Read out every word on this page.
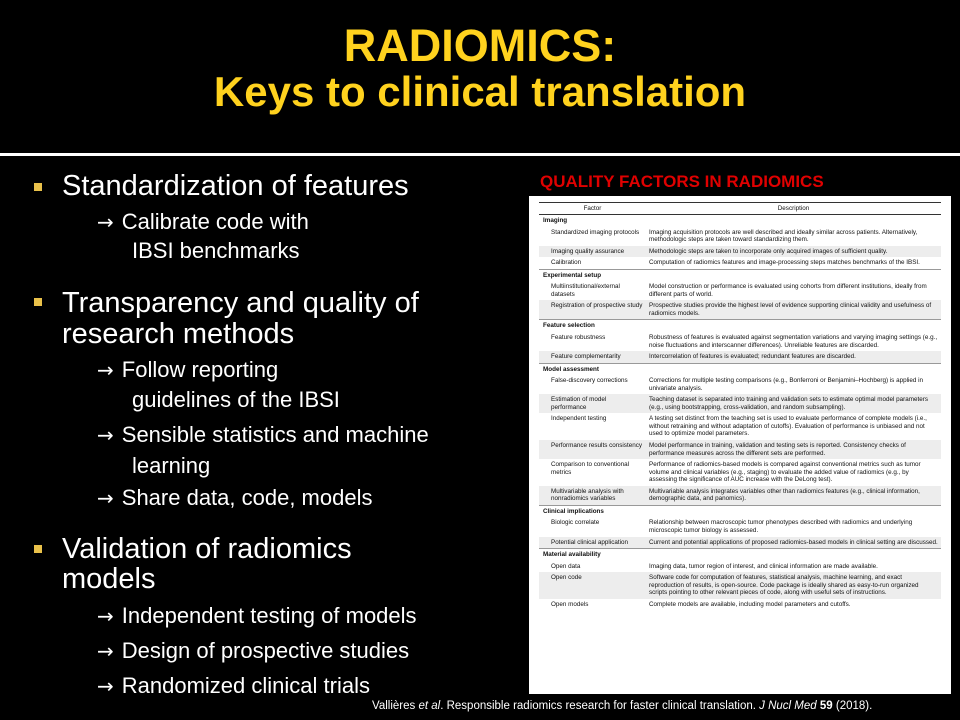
RADIOMICS:
Keys to clinical translation
Standardization of features
→ Calibrate code with
IBSI benchmarks
Transparency and quality of
research methods
→ Follow reporting
guidelines of the IBSI
→ Sensible statistics and machine
learning
→ Share data, code, models
Validation of radiomics
models
→ Independent testing of models
→ Design of prospective studies
→ Randomized clinical trials
QUALITY FACTORS IN RADIOMICS
Factor	Description
Imaging	
Standardized imaging protocols	Imaging acquisition protocols are well described and ideally similar across patients. Alternatively, methodologic steps are taken toward standardizing them.
Imaging quality assurance	Methodologic steps are taken to incorporate only acquired images of sufficient quality.
Calibration	Computation of radiomics features and image-processing steps matches benchmarks of the IBSI.
Experimental setup	
Multiinstitutional/external datasets	Model construction or performance is evaluated using cohorts from different institutions, ideally from different parts of world.
Registration of prospective study	Prospective studies provide the highest level of evidence supporting clinical validity and usefulness of radiomics models.
Feature selection	
Feature robustness	Robustness of features is evaluated against segmentation variations and varying imaging settings (e.g., noise fluctuations and interscanner differences). Unreliable features are discarded.
Feature complementarity	Intercorrelation of features is evaluated; redundant features are discarded.
Model assessment	
False-discovery corrections	Corrections for multiple testing comparisons (e.g., Bonferroni or Benjamini–Hochberg) is applied in univariate analysis.
Estimation of model performance	Teaching dataset is separated into training and validation sets to estimate optimal model parameters (e.g., using bootstrapping, cross-validation, and random subsampling).
Independent testing	A testing set distinct from the teaching set is used to evaluate performance of complete models (i.e., without retraining and without adaptation of cutoffs). Evaluation of performance is unbiased and not used to optimize model parameters.
Performance results consistency	Model performance in training, validation and testing sets is reported. Consistency checks of performance measures across the different sets are performed.
Comparison to conventional metrics	Performance of radiomics-based models is compared against conventional metrics such as tumor volume and clinical variables (e.g., staging) to evaluate the added value of radiomics (e.g., by assessing the significance of AUC increase with the DeLong test).
Multivariable analysis with nonradiomics variables	Multivariable analysis integrates variables other than radiomics features (e.g., clinical information, demographic data, and panomics).
Clinical implications	
Biologic correlate	Relationship between macroscopic tumor phenotypes described with radiomics and underlying microscopic tumor biology is assessed.
Potential clinical application	Current and potential applications of proposed radiomics-based models in clinical setting are discussed.
Material availability	
Open data	Imaging data, tumor region of interest, and clinical information are made available.
Open code	Software code for computation of features, statistical analysis, machine learning, and exact reproduction of results, is open-source. Code package is ideally shared as easy-to-run organized scripts pointing to other relevant pieces of code, along with useful sets of instructions.
Open models	Complete models are available, including model parameters and cutoffs.
Vallières et al. Responsible radiomics research for faster clinical translation. J Nucl Med 59 (2018).
